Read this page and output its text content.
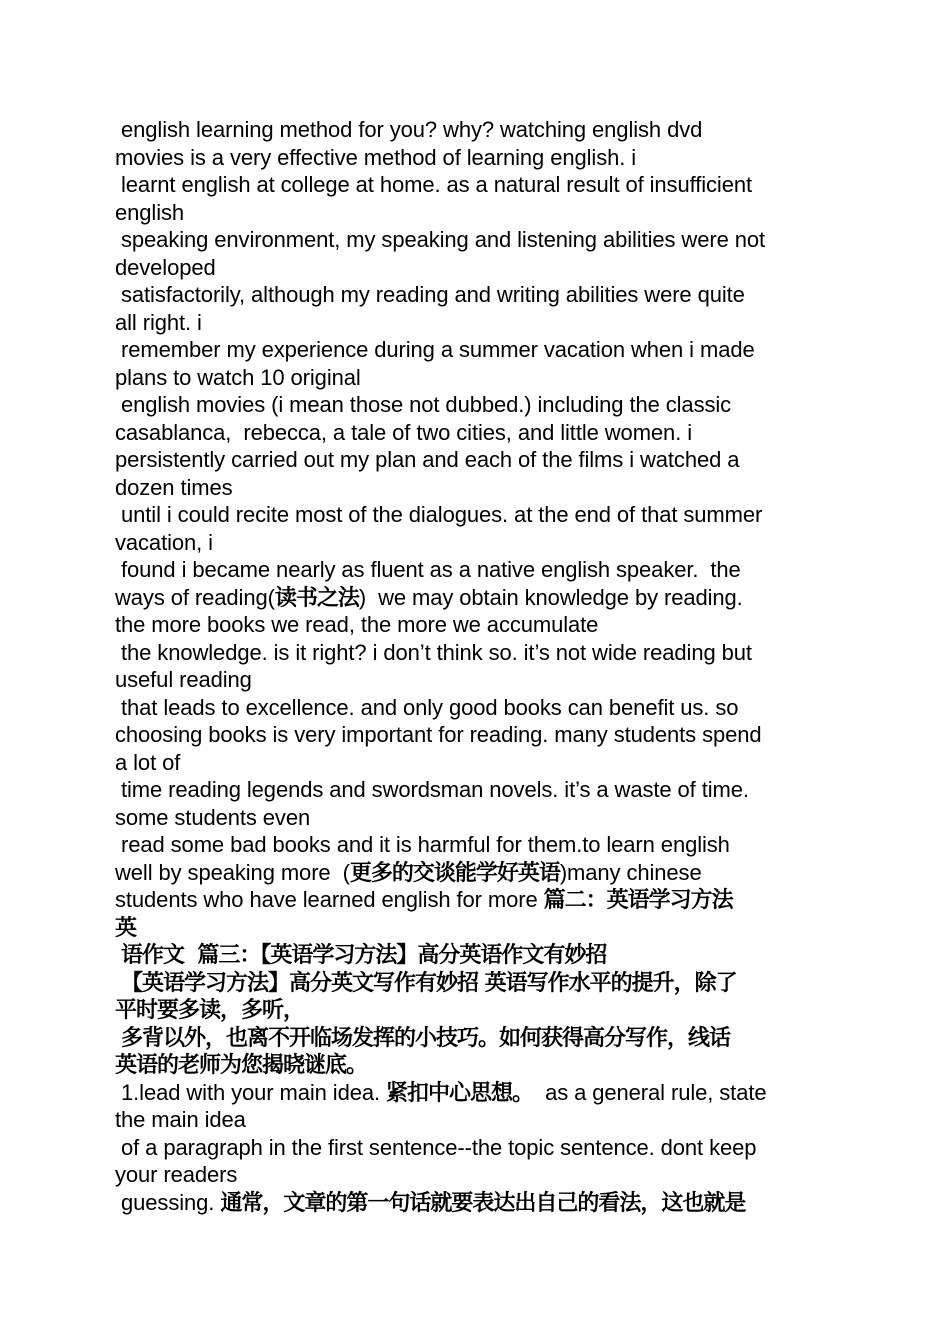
english learning method for you? why? watching english dvd
movies is a very effective method of learning english. i
learnt english at college at home. as a natural result of insufficient
english
speaking environment, my speaking and listening abilities were not
developed
satisfactorily, although my reading and writing abilities were quite
all right. i
remember my experience during a summer vacation when i made
plans to watch 10 original
english movies (i mean those not dubbed.) including the classic
casablanca,  rebecca, a tale of two cities, and little women. i
persistently carried out my plan and each of the films i watched a
dozen times
until i could recite most of the dialogues. at the end of that summer
vacation, i
found i became nearly as fluent as a native english speaker.  the
ways of reading(读书之法)  we may obtain knowledge by reading.
the more books we read, the more we accumulate
the knowledge. is it right? i don’t think so. it’s not wide reading but
useful reading
that leads to excellence. and only good books can benefit us. so
choosing books is very important for reading. many students spend
a lot of
time reading legends and swordsman novels. it’s a waste of time.
some students even
read some bad books and it is harmful for them.to learn english
well by speaking more  (更多的交谈能学好英语)many chinese
students who have learned english for more 篇二：英语学习方法
英
语作文  篇三：【英语学习方法】高分英语作文有妙招
【英语学习方法】高分英文写作有妙招 英语写作水平的提升，除了
平时要多读，多听，
多背以外，也离不开临场发挥的小技巧。如何获得高分写作，线话
英语的老师为您揭晓谜底。
1.lead with your main idea. 紧扣中心思想。  as a general rule, state
the main idea
of a paragraph in the first sentence--the topic sentence. dont keep
your readers
guessing. 通常，文章的第一句话就要表达出自己的看法，这也就是
